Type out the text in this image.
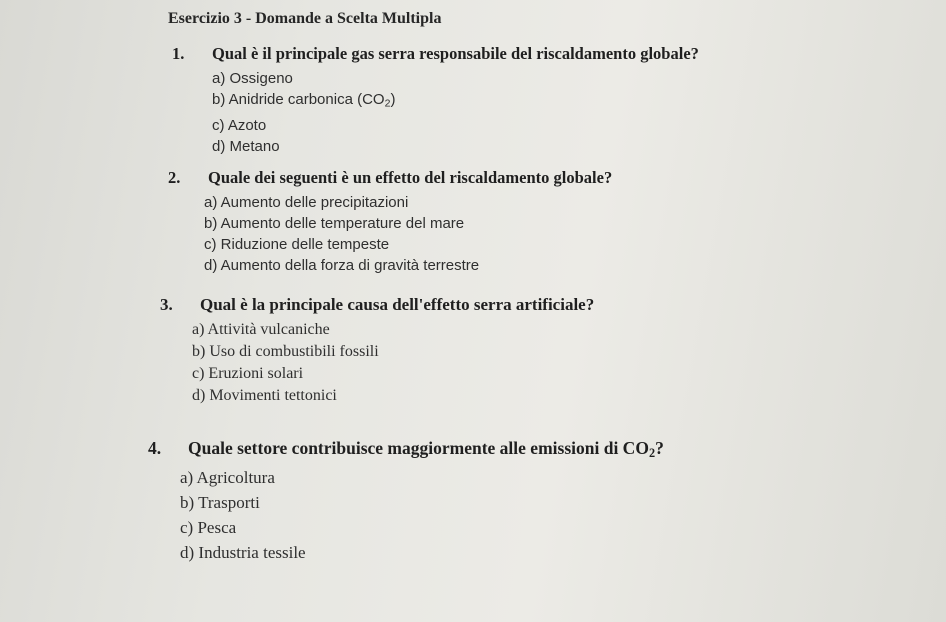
Esercizio 3 - Domande a Scelta Multipla
1.	Qual è il principale gas serra responsabile del riscaldamento globale?
a) Ossigeno
b) Anidride carbonica $(CO_2)$
c) Azoto
d) Metano
2.	Quale dei seguenti è un effetto del riscaldamento globale?
a) Aumento delle precipitazioni
b) Aumento delle temperature del mare
c) Riduzione delle tempeste
d) Aumento della forza di gravità terrestre
3.	Qual è la principale causa dell'effetto serra artificiale?
a) Attività vulcaniche
b) Uso di combustibili fossili
c) Eruzioni solari
d) Movimenti tettonici
4.	Quale settore contribuisce maggiormente alle emissioni di $CO_2$?
a) Agricoltura
b) Trasporti
c) Pesca
d) Industria tessile
